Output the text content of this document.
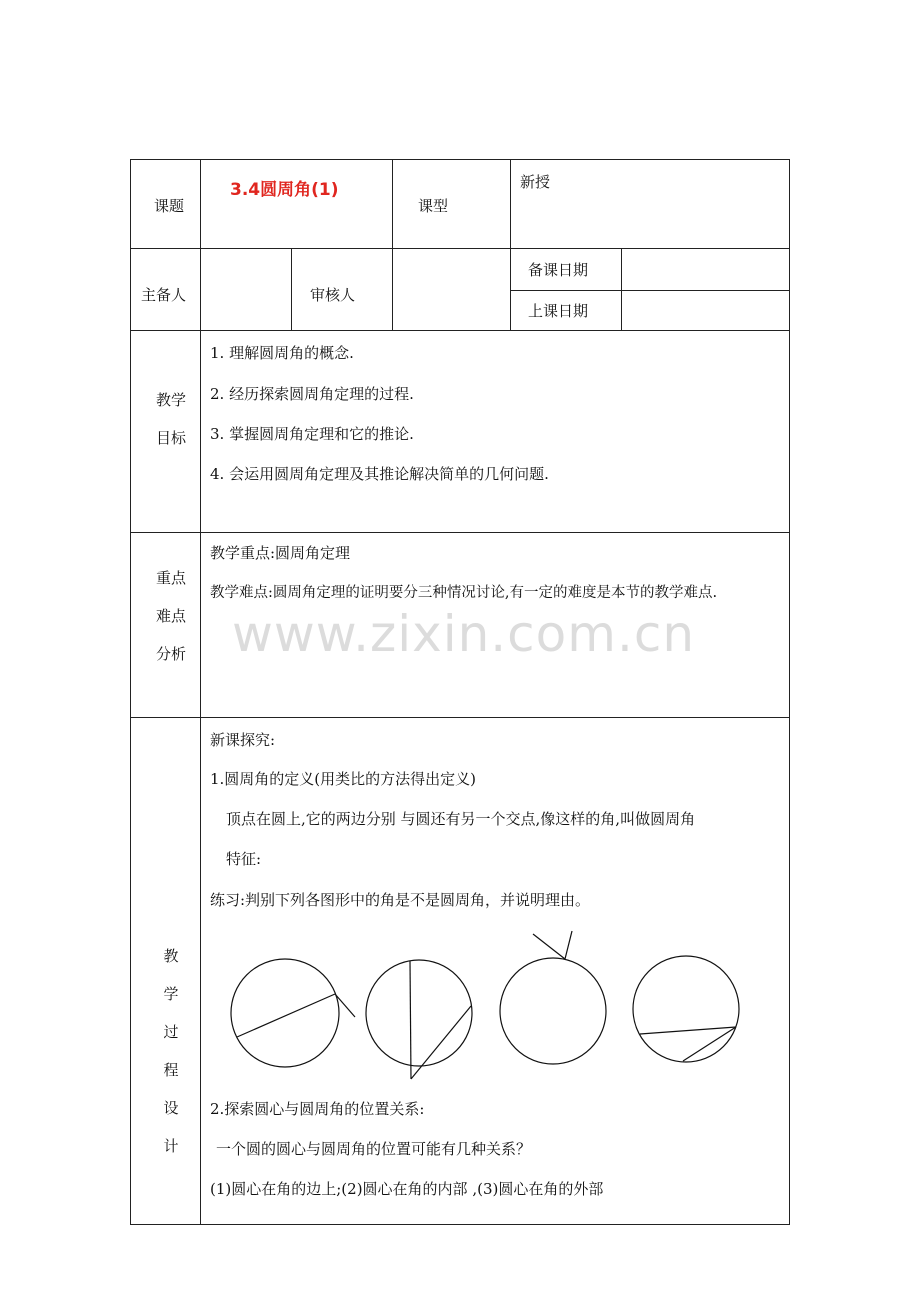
www.zixin.com.cn
课题
3.4圆周角(1)
课型
新授
主备人	审核人
备课日期
上课日期
教学
目标
1. 理解圆周角的概念.
2. 经历探索圆周角定理的过程.
3. 掌握圆周角定理和它的推论.
4. 会运用圆周角定理及其推论解决简单的几何问题.
重点
难点
分析
教学重点:圆周角定理
教学难点:圆周角定理的证明要分三种情况讨论,有一定的难度是本节的教学难点.
教
学
过
程
设
计
新课探究:
1.圆周角的定义(用类比的方法得出定义)
顶点在圆上,它的两边分别 与圆还有另一个交点,像这样的角,叫做圆周角
特征:
练习:判别下列各图形中的角是不是圆周角，并说明理由。
2.探索圆心与圆周角的位置关系:
一个圆的圆心与圆周角的位置可能有几种关系？
(1)圆心在角的边上;(2)圆心在角的内部 ,(3)圆心在角的外部
